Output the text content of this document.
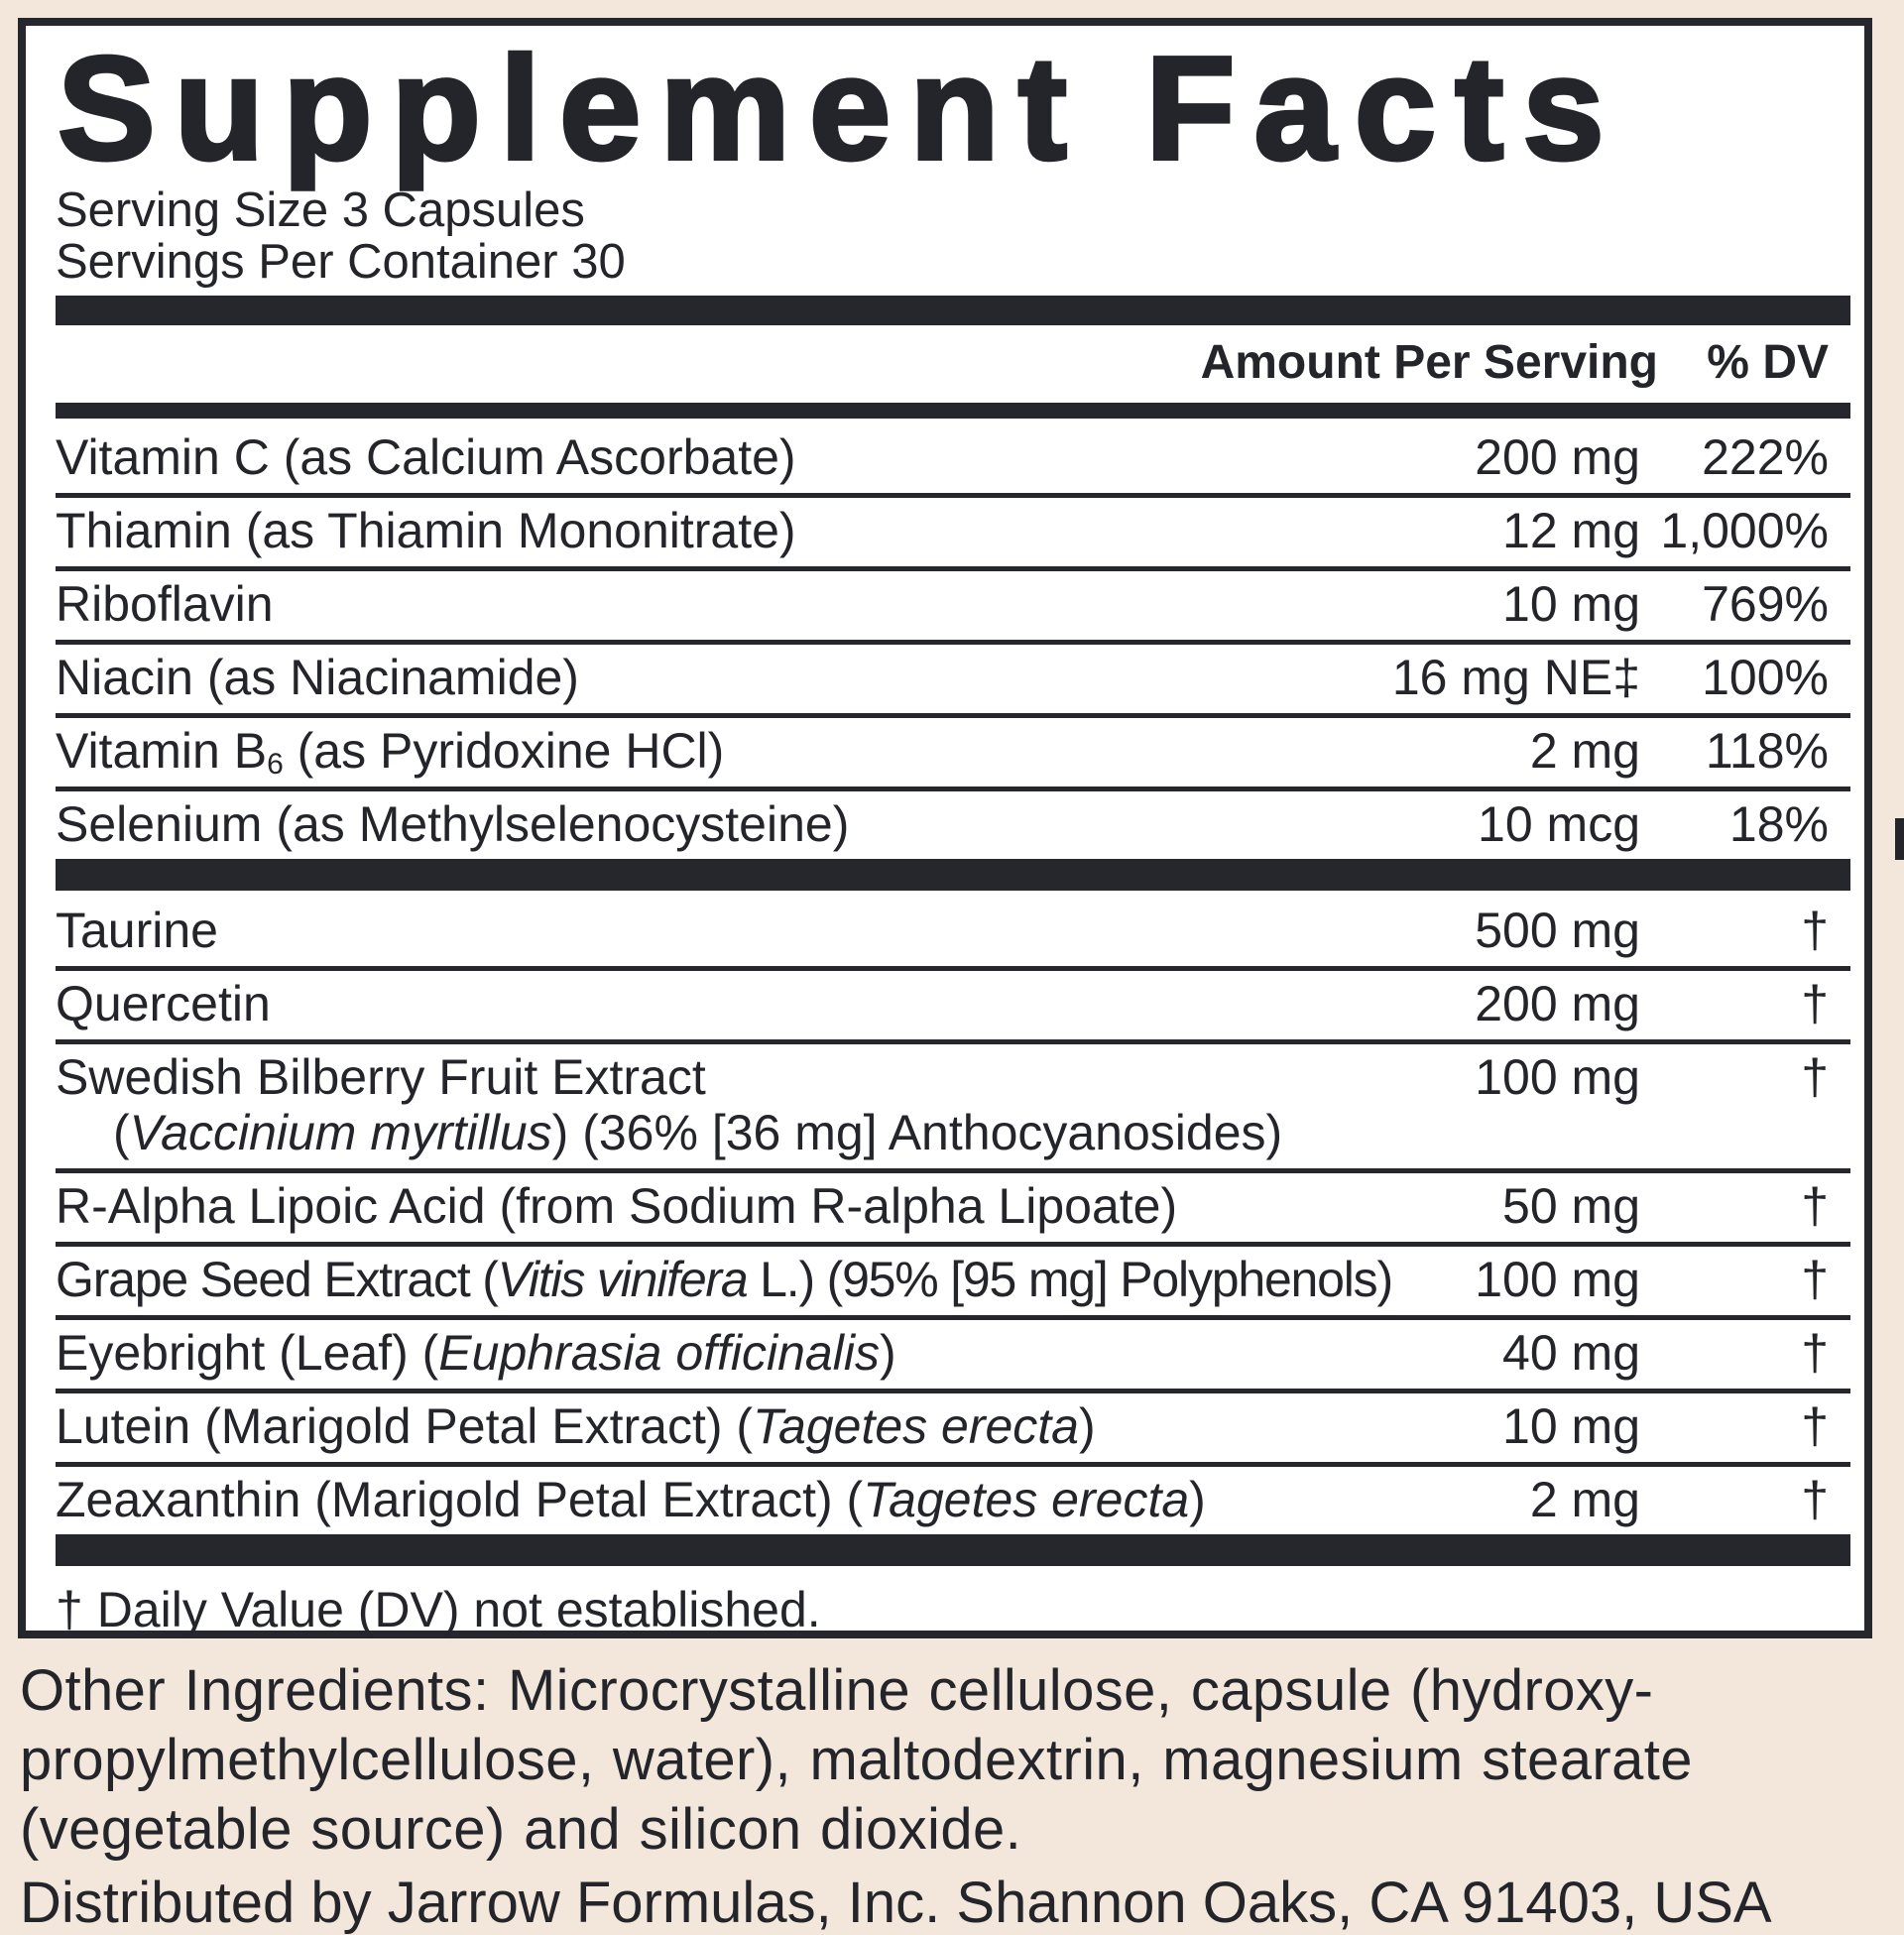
Supplement Facts
Serving Size 3 Capsules
Servings Per Container 30
Amount Per Serving % DV
Vitamin C (as Calcium Ascorbate)	200 mg 222%
Thiamin (as Thiamin Mononitrate)	12 mg 1,000%
Riboflavin	10 mg 769%
Niacin (as Niacinamide)	16 mg NE‡ 100%
Vitamin $B_6$ (as Pyridoxine HCl)	2 mg 118%
Selenium (as Methylselenocysteine)	10 mcg 18%
Taurine	500 mg	†
Quercetin	200 mg	†
Swedish Bilberry Fruit Extract
(Vaccinium myrtillus) (36% [36 mg] Anthocyanosides)
100 mg	†
R-Alpha Lipoic Acid (from Sodium R-alpha Lipoate)	50 mg	†
Grape Seed Extract (Vitis vinifera L.) (95% [95 mg] Polyphenols) 100 mg	†
Eyebright (Leaf) (Euphrasia officinalis)	40 mg	†
Lutein (Marigold Petal Extract) (Tagetes erecta)	10 mg	†
Zeaxanthin (Marigold Petal Extract) (Tagetes erecta)	2 mg	†
† Daily Value (DV) not established.
Other Ingredients: Microcrystalline cellulose, capsule (hydroxy-
propylmethylcellulose, water), maltodextrin, magnesium stearate
(vegetable source) and silicon dioxide.
Distributed by Jarrow Formulas, Inc. Shannon Oaks, CA 91403, USA
